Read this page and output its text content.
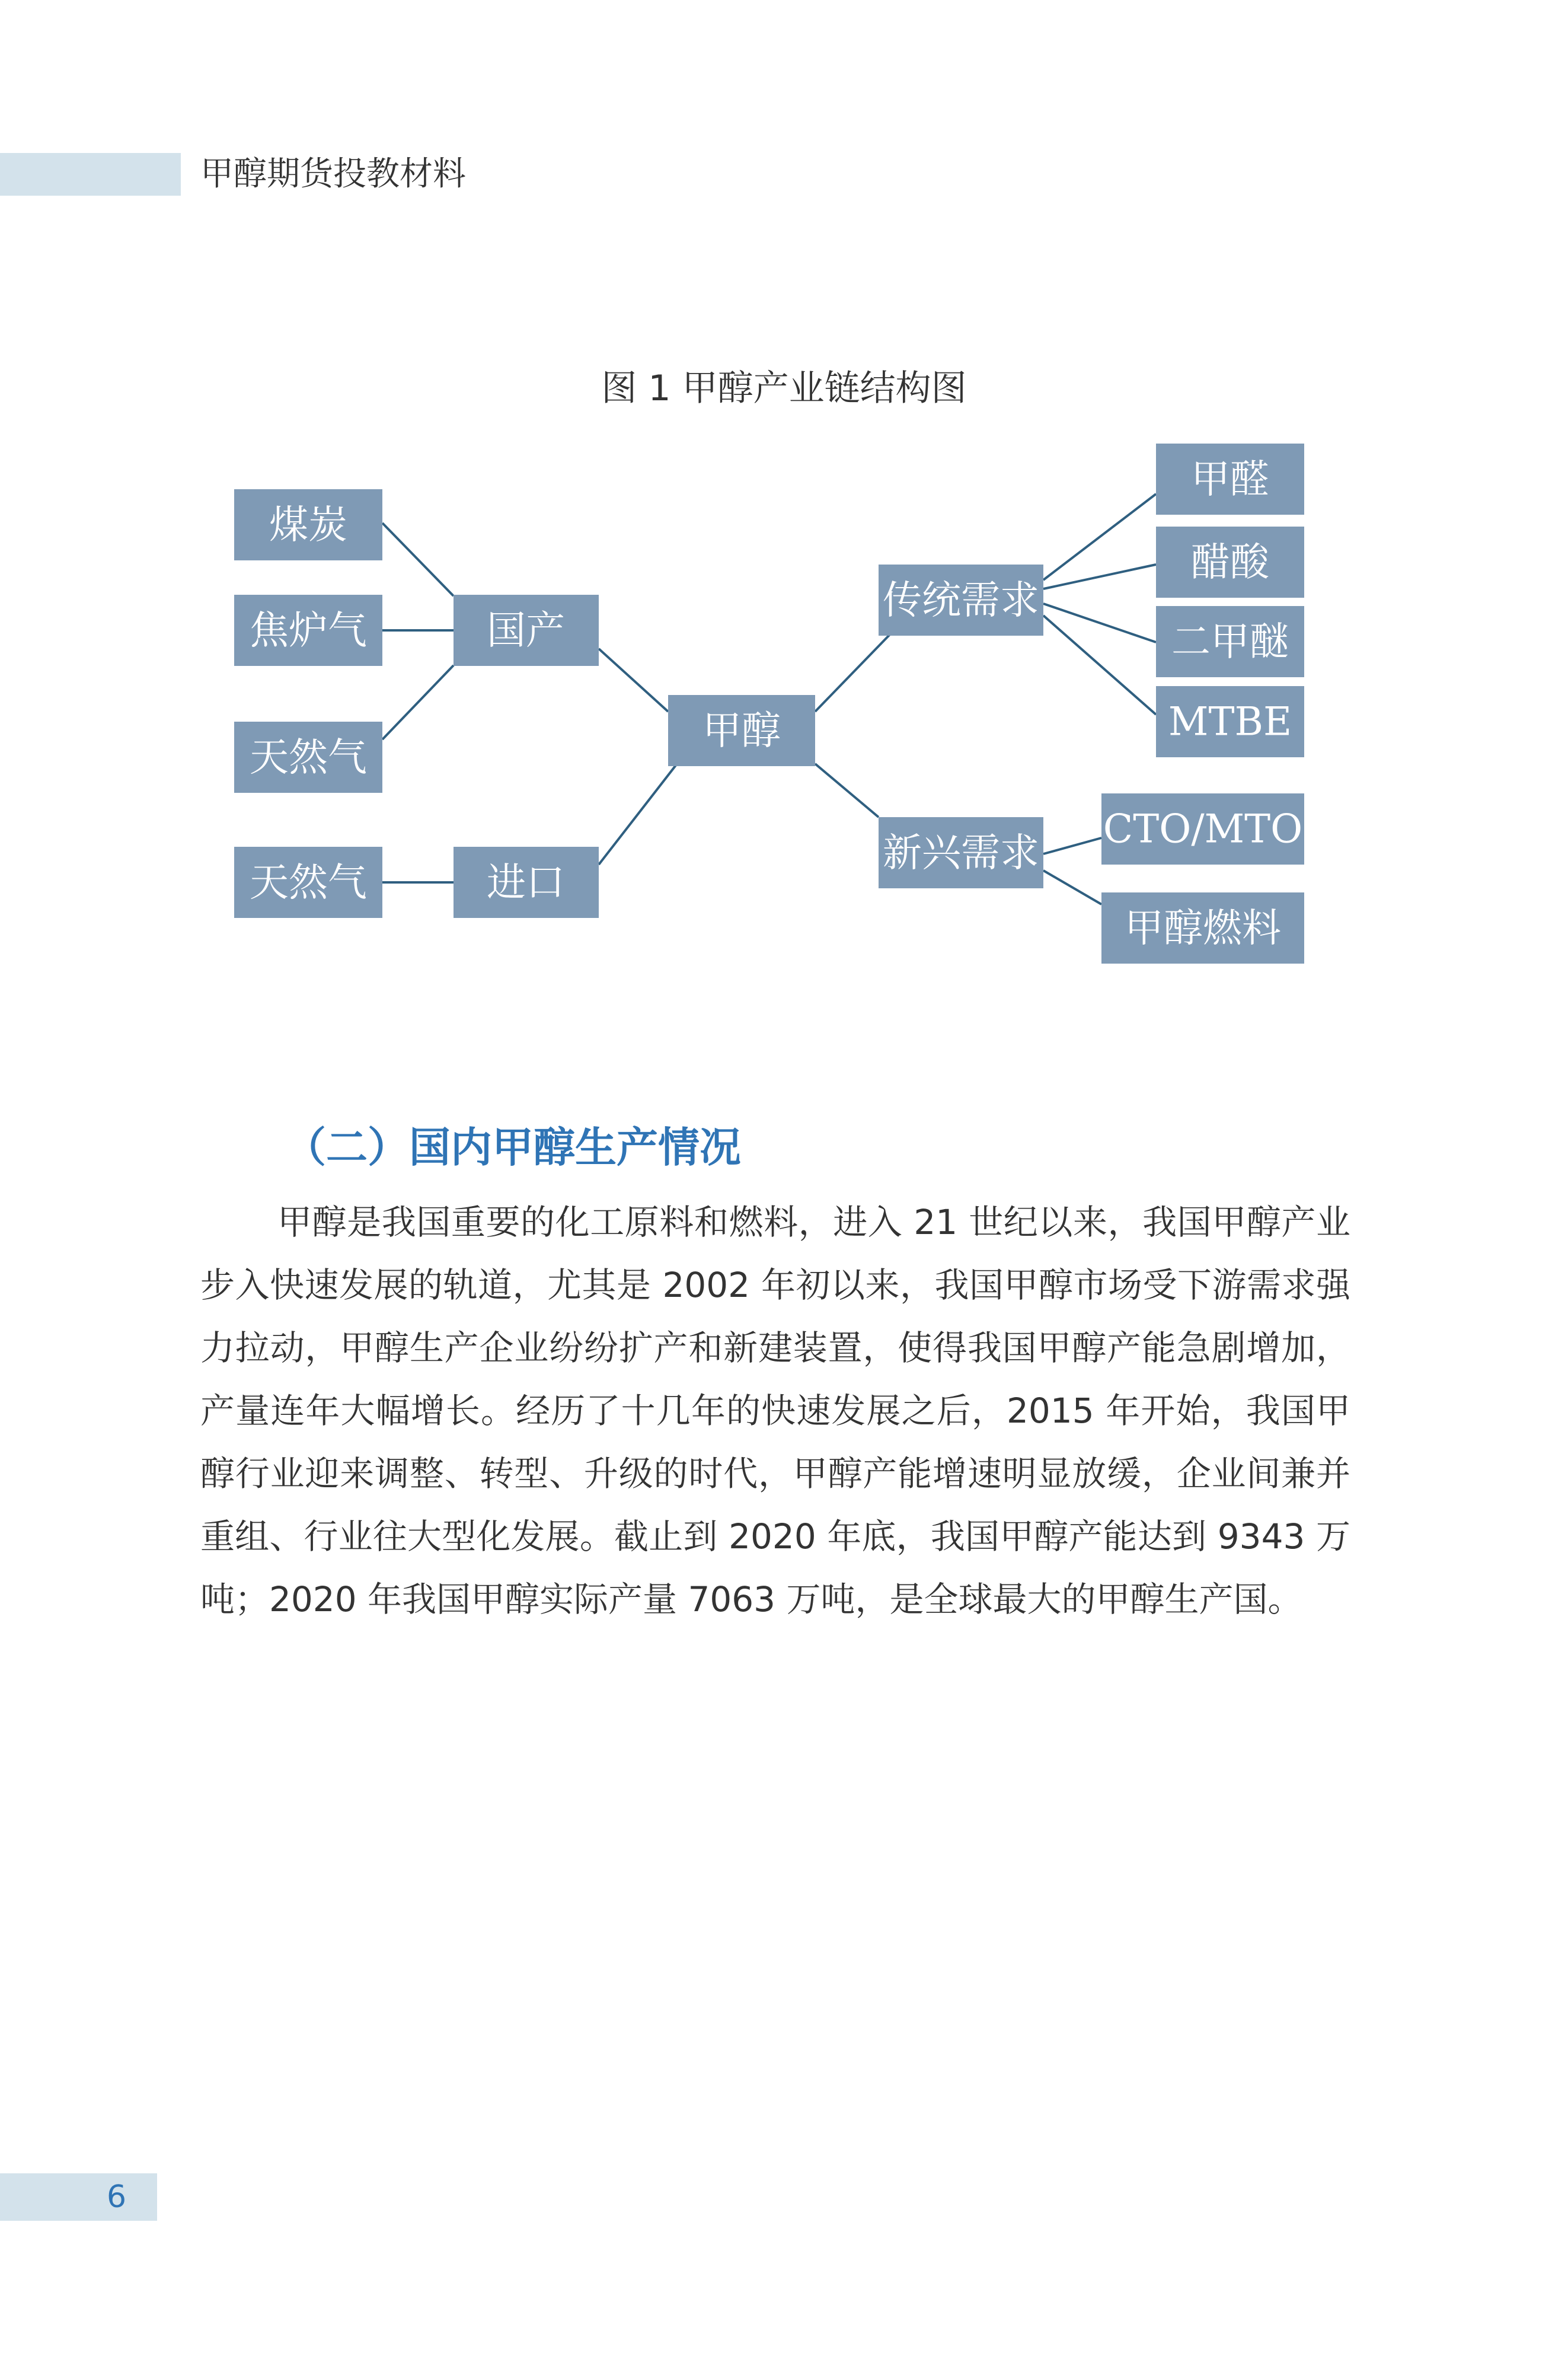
甲醇期货投教材料
图 1 甲醇产业链结构图
煤炭
焦炉气
天然气
天然气
国产
进口
甲醇
传统需求
新兴需求
甲醛
醋酸
二甲醚
MTBE
CTO/MTO
甲醇燃料
（二）国内甲醇生产情况

甲醇是我国重要的化工原料和燃料，进入 21 世纪以来，我国甲醇产业步入快速发展的轨道，尤其是 2002 年初以来，我国甲醇市场受下游需求强力拉动，甲醇生产企业纷纷扩产和新建装置，使得我国甲醇产能急剧增加，产量连年大幅增长。经历了十几年的快速发展之后，2015 年开始，我国甲醇行业迎来调整、转型、升级的时代，甲醇产能增速明显放缓，企业间兼并重组、行业往大型化发展。截止到 2020 年底，我国甲醇产能达到 9343 万吨；2020 年我国甲醇实际产量 7063 万吨，是全球最大的甲醇生产国。

6
